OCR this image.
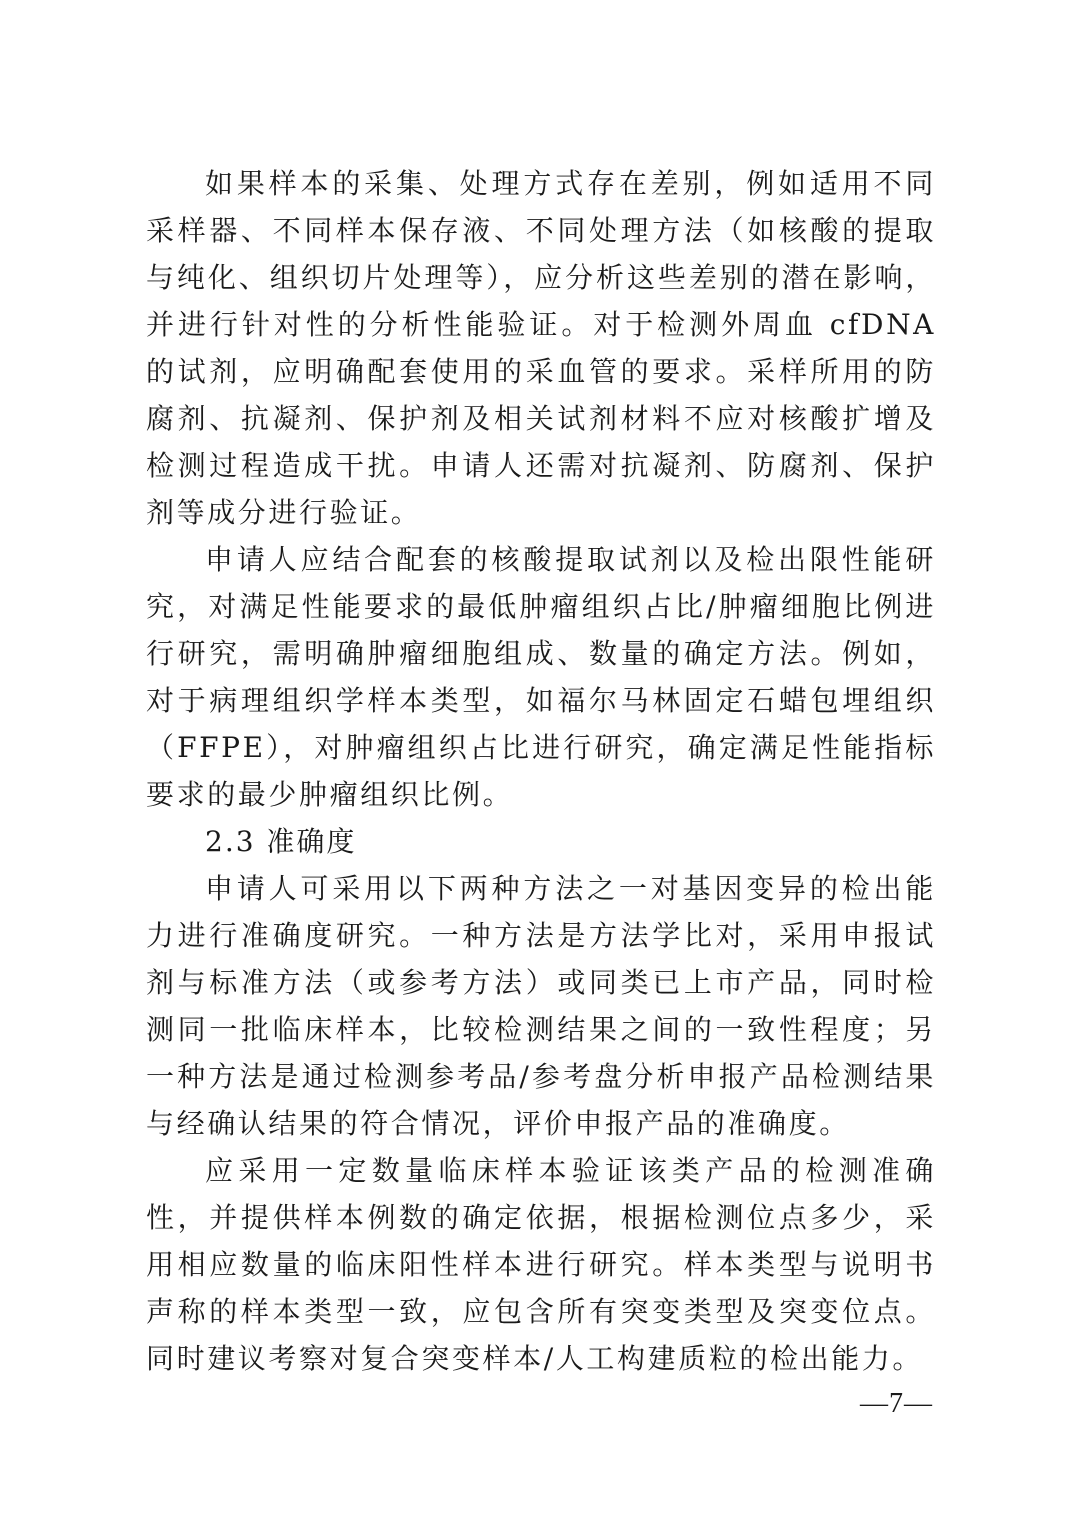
如果样本的采集、处理方式存在差别，例如适用不同采样器、不同样本保存液、不同处理方法（如核酸的提取与纯化、组织切片处理等），应分析这些差别的潜在影响，并进行针对性的分析性能验证。对于检测外周血 cfDNA 的试剂，应明确配套使用的采血管的要求。采样所用的防腐剂、抗凝剂、保护剂及相关试剂材料不应对核酸扩增及检测过程造成干扰。申请人还需对抗凝剂、防腐剂、保护剂等成分进行验证。

申请人应结合配套的核酸提取试剂以及检出限性能研究，对满足性能要求的最低肿瘤组织占比/肿瘤细胞比例进行研究，需明确肿瘤细胞组成、数量的确定方法。例如，对于病理组织学样本类型，如福尔马林固定石蜡包埋组织（FFPE），对肿瘤组织占比进行研究，确定满足性能指标要求的最少肿瘤组织比例。

2.3 准确度

申请人可采用以下两种方法之一对基因变异的检出能力进行准确度研究。一种方法是方法学比对，采用申报试剂与标准方法（或参考方法）或同类已上市产品，同时检测同一批临床样本，比较检测结果之间的一致性程度；另一种方法是通过检测参考品/参考盘分析申报产品检测结果与经确认结果的符合情况，评价申报产品的准确度。

应采用一定数量临床样本验证该类产品的检测准确性，并提供样本例数的确定依据，根据检测位点多少，采用相应数量的临床阳性样本进行研究。样本类型与说明书声称的样本类型一致，应包含所有突变类型及突变位点。同时建议考察对复合突变样本/人工构建质粒的检出能力。

—7—
